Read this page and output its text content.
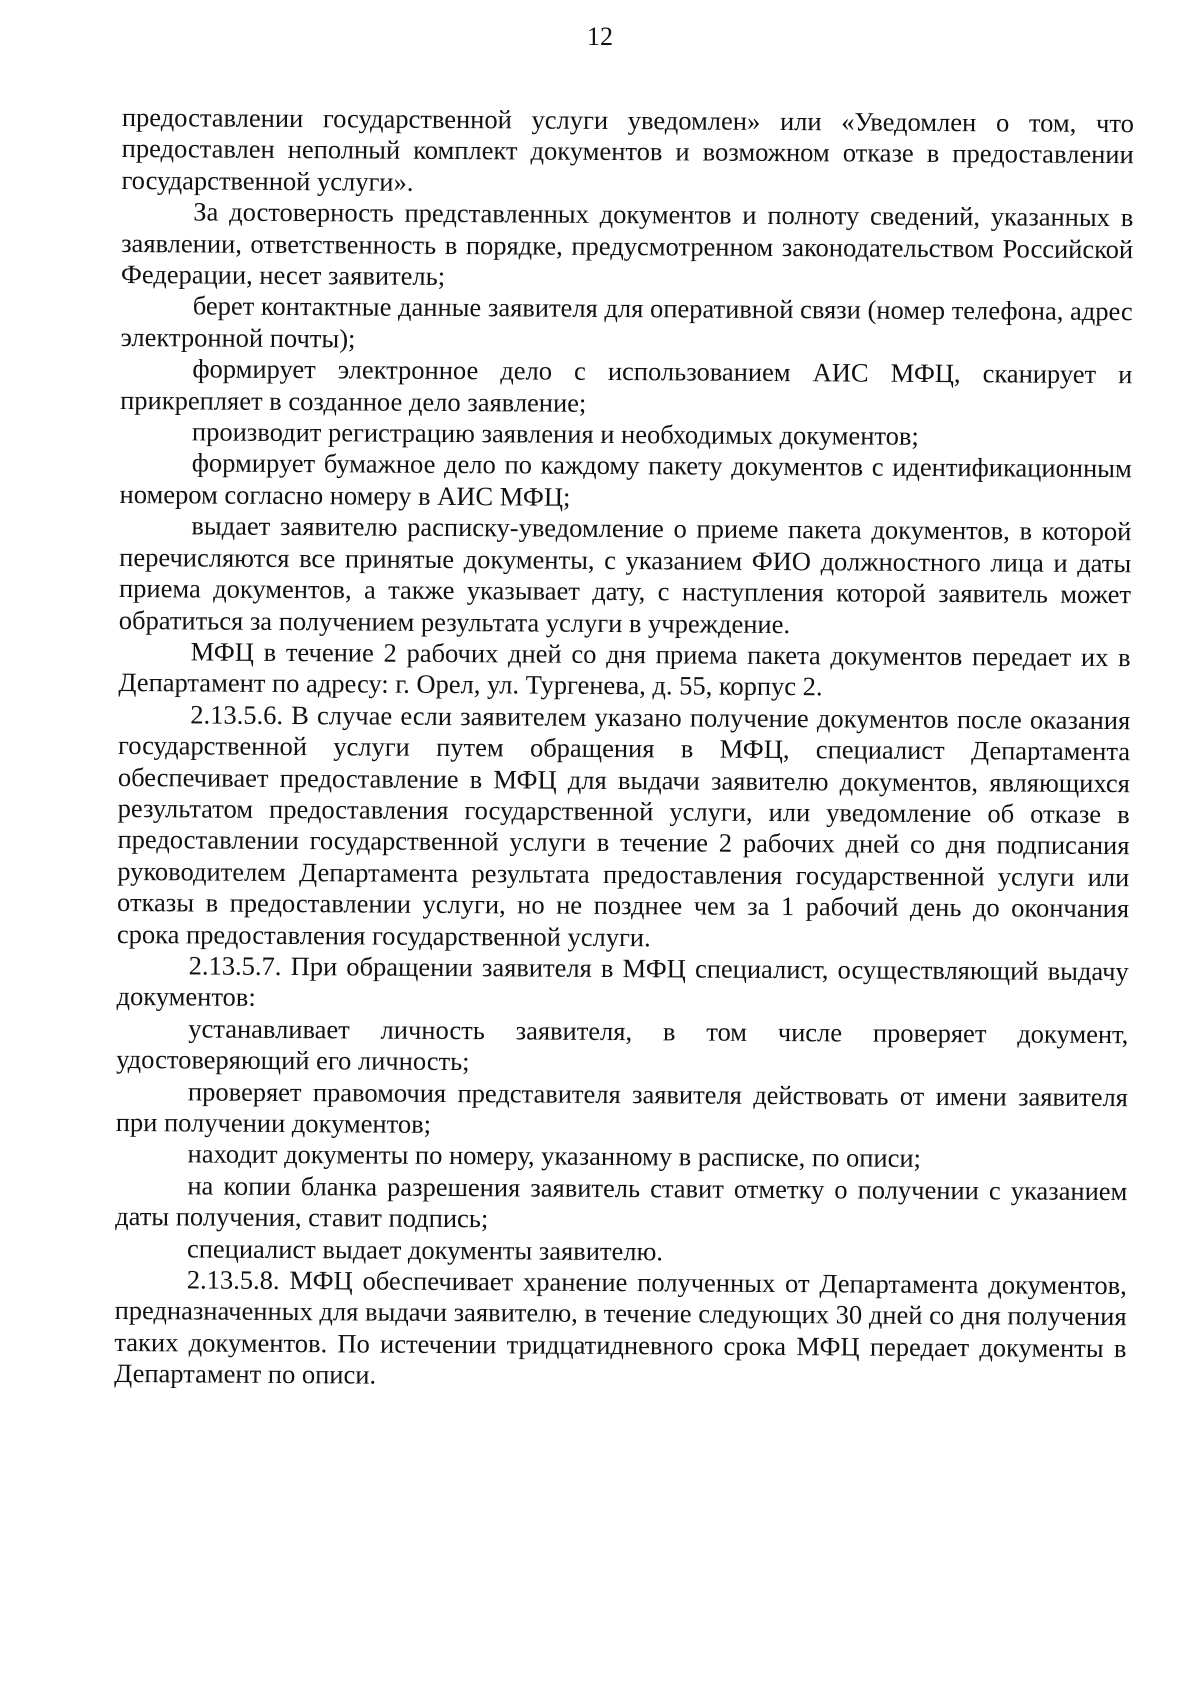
12

предоставлении государственной услуги уведомлен» или «Уведомлен о том, что предоставлен неполный комплект документов и возможном отказе в предоставлении государственной услуги».

За достоверность представленных документов и полноту сведений, указанных в заявлении, ответственность в порядке, предусмотренном законодательством Российской Федерации, несет заявитель;

берет контактные данные заявителя для оперативной связи (номер телефона, адрес электронной почты);

формирует электронное дело с использованием АИС МФЦ, сканирует и прикрепляет в созданное дело заявление;

производит регистрацию заявления и необходимых документов;

формирует бумажное дело по каждому пакету документов с идентификационным номером согласно номеру в АИС МФЦ;

выдает заявителю расписку-уведомление о приеме пакета документов, в которой перечисляются все принятые документы, с указанием ФИО должностного лица и даты приема документов, а также указывает дату, с наступления которой заявитель может обратиться за получением результата услуги в учреждение.

МФЦ в течение 2 рабочих дней со дня приема пакета документов передает их в Департамент по адресу: г. Орел, ул. Тургенева, д. 55, корпус 2.

2.13.5.6. В случае если заявителем указано получение документов после оказания государственной услуги путем обращения в МФЦ, специалист Департамента обеспечивает предоставление в МФЦ для выдачи заявителю документов, являющихся результатом предоставления государственной услуги, или уведомление об отказе в предоставлении государственной услуги в течение 2 рабочих дней со дня подписания руководителем Департамента результата предоставления государственной услуги или отказы в предоставлении услуги, но не позднее чем за 1 рабочий день до окончания срока предоставления государственной услуги.

2.13.5.7. При обращении заявителя в МФЦ специалист, осуществляющий выдачу документов:

устанавливает личность заявителя, в том числе проверяет документ, удостоверяющий его личность;

проверяет правомочия представителя заявителя действовать от имени заявителя при получении документов;

находит документы по номеру, указанному в расписке, по описи;

на копии бланка разрешения заявитель ставит отметку о получении с указанием даты получения, ставит подпись;

специалист выдает документы заявителю.

2.13.5.8. МФЦ обеспечивает хранение полученных от Департамента документов, предназначенных для выдачи заявителю, в течение следующих 30 дней со дня получения таких документов. По истечении тридцатидневного срока МФЦ передает документы в Департамент по описи.
